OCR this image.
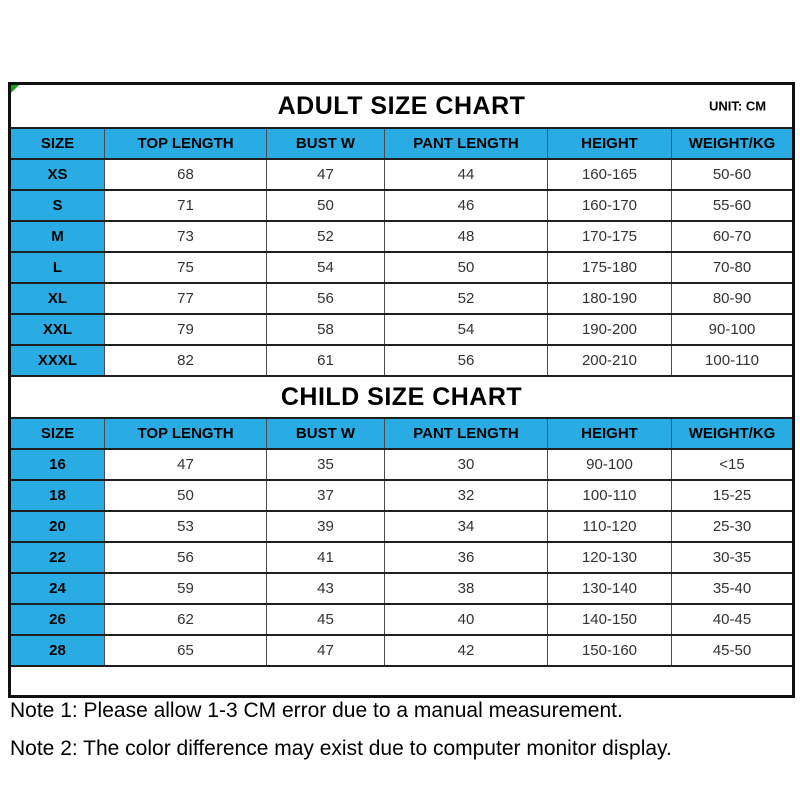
ADULT SIZE CHART UNIT: CM					

SIZE	TOP LENGTH	BUST W	PANT LENGTH	HEIGHT	WEIGHT/KG
XS	68	47	44	160-165	50-60
S	71	50	46	160-170	55-60
M	73	52	48	170-175	60-70
L	75	54	50	175-180	70-80
XL	77	56	52	180-190	80-90
XXL	79	58	54	190-200	90-100
XXXL	82	61	56	200-210	100-110
CHILD SIZE CHART					
SIZE	TOP LENGTH	BUST W	PANT LENGTH	HEIGHT	WEIGHT/KG
16	47	35	30	90-100	<15
18	50	37	32	100-110	15-25
20	53	39	34	110-120	25-30
22	56	41	36	120-130	30-35
24	59	43	38	130-140	35-40
26	62	45	40	140-150	40-45
28	65	47	42	150-160	45-50

Note 1: Please allow 1-3 CM error due to a manual measurement.

Note 2: The color difference may exist due to computer monitor display.
